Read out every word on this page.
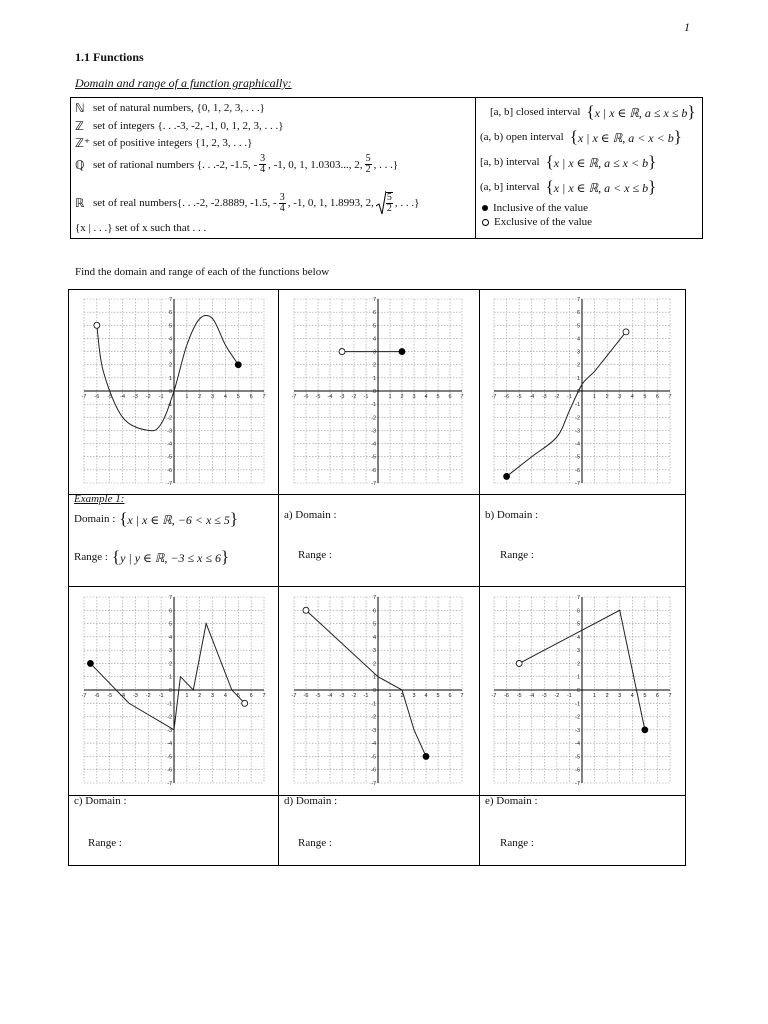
1
1.1 Functions
Domain and range of a function graphically:
ℕ set of natural numbers, {0, 1, 2, 3, . . .}
ℤ set of integers {. . .-3, -2, -1, 0, 1, 2, 3, . . .}
ℤ⁺ set of positive integers {1, 2, 3, . . .}
ℚ set of rational numbers {. . .-2, -1.5, - $\frac{3}{4}$ , -1, 0, 1, 1.0303..., 2, $\frac{5}{2}$ , . . .}
ℝ set of real numbers{. . .-2, -2.8889, -1.5, - $\frac{3}{4}$ , -1, 0, 1, 1.8993, 2, $\frac{5}{2}$ , . . .}
{x | . . .} set of x such that . . .
[a, b] closed interval {x | x ∈ ℝ, a ≤ x ≤ b}
(a, b) open interval {x | x ∈ ℝ, a < x < b}
[a, b) interval {x | x ∈ ℝ, a ≤ x < b}
(a, b] interval {x | x ∈ ℝ, a < x ≤ b}
Inclusive of the value
Exclusive of the value
Find the domain and range of each of the functions below
-7 -6 -5 -4 -3 -2 -1	1 2 3 4 5 6 7
-7
-6
-5
-4
-3
-2
-1
0
1
2
3
4
5
6
7
-7 -6 -5 -4 -3 -2 -1	1 2 3 4 5 6 7
-7
-6
-5
-4
-3
-2
-1
0
1
2
3
4
5
6
7
-7 -6 -5 -4 -3 -2 -1	1 2 3 4 5 6 7
-7
-6
-5
-4
-3
-2
-1
0
1
2
3
4
5
6
7
-7 -6 -5 -4 -3 -2 -1	1 2 3 4 5 6 7
-7
-6
-5
-4
-3
-2
-1
0
1
2
3
4
5
6
7
-7 -6 -5 -4 -3 -2 -1	1 2 3 4 5 6 7
-7
-6
-5
-4
-3
-2
-1
0
1
2
3
4
5
6
7
-7 -6 -5 -4 -3 -2 -1	1 2 3 4 5 6 7
-7
-6
-5
-4
-3
-2
-1
0
1
2
3
4
5
6
7
Example 1:
Domain : {x | x ∈ ℝ, −6 < x ≤ 5}
Range : {y | y ∈ ℝ, −3 ≤ x ≤ 6}
a) Domain :
Range :
b) Domain :
Range :
c) Domain :
Range :
d) Domain :
Range :
e) Domain :
Range :
